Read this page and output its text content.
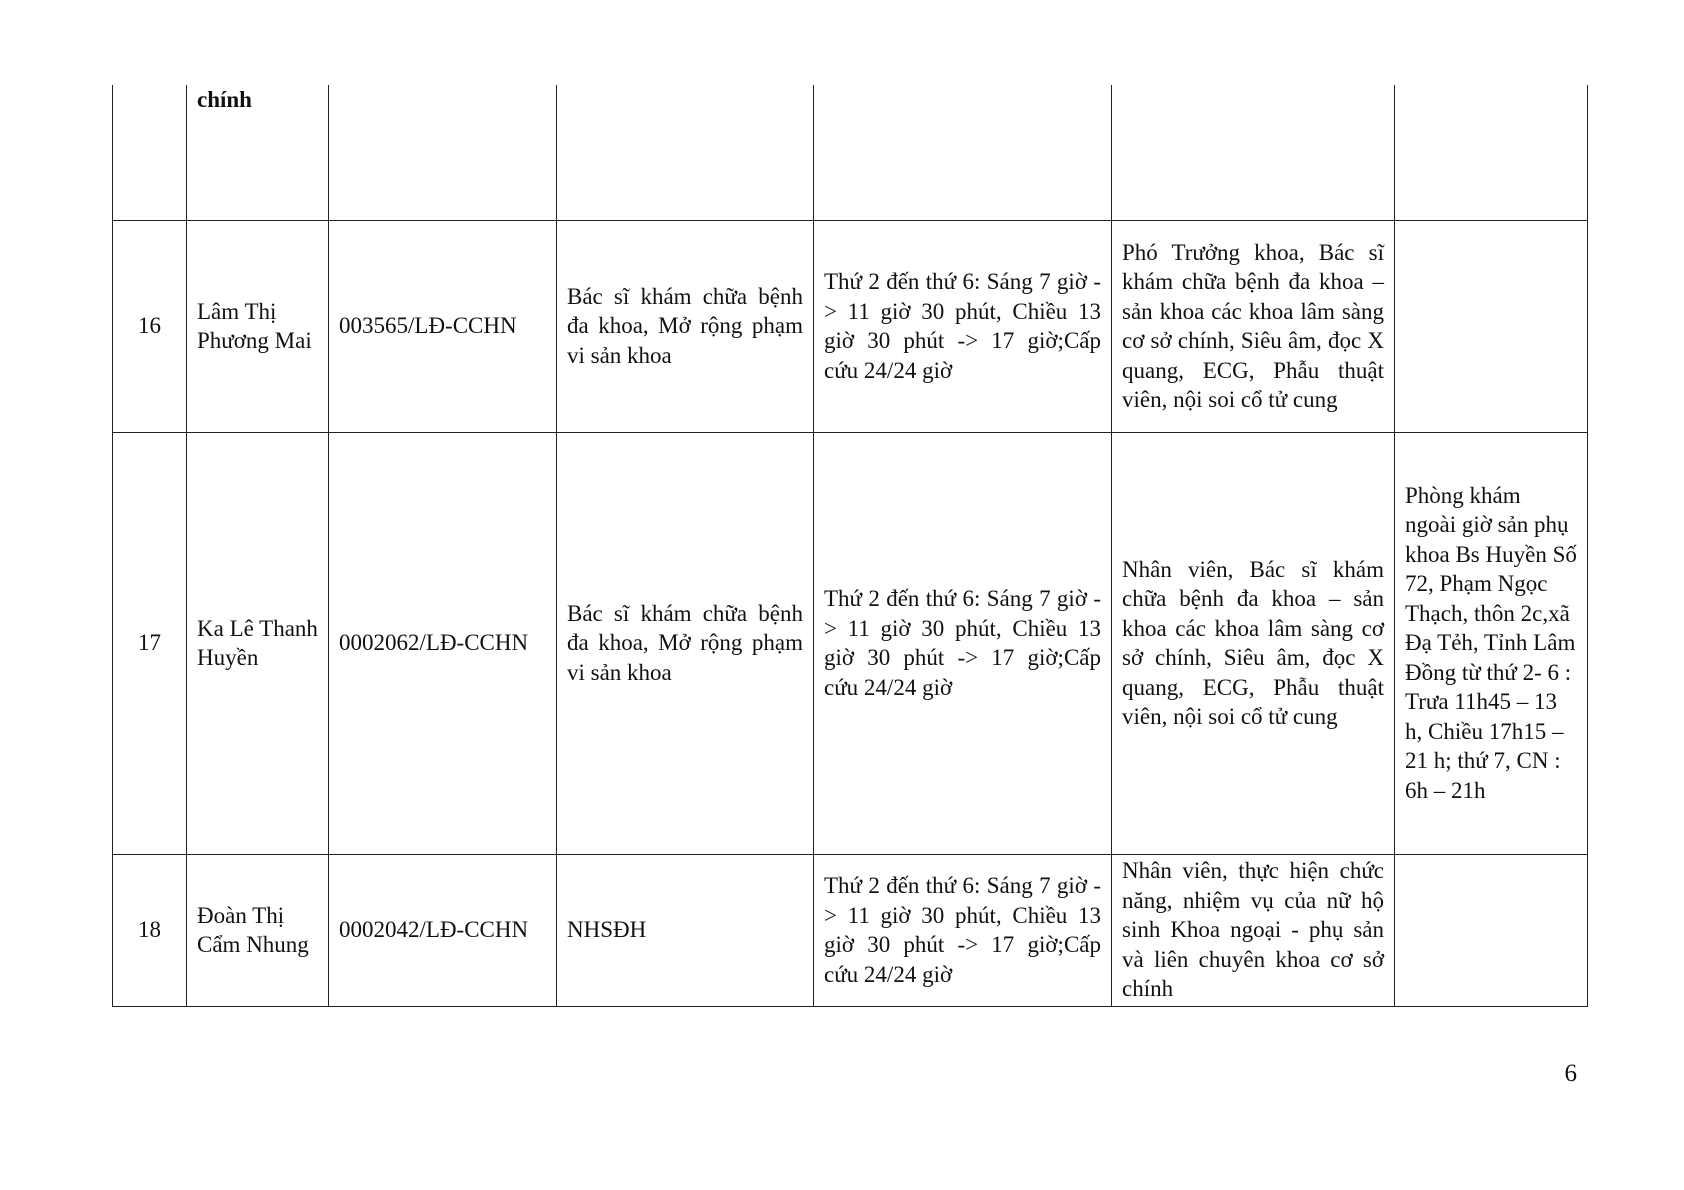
	chính					
16	Lâm Thị Phương Mai	003565/LĐ-CCHN	Bác sĩ khám chữa bệnh đa khoa, Mở rộng phạm vi sản khoa	Thứ 2 đến thứ 6: Sáng 7 giờ -> 11 giờ 30 phút, Chiều 13 giờ 30 phút -> 17 giờ;Cấp cứu 24/24 giờ	Phó Trưởng khoa, Bác sĩ khám chữa bệnh đa khoa – sản khoa các khoa lâm sàng cơ sở chính, Siêu âm, đọc X quang, ECG, Phẫu thuật viên, nội soi cổ tử cung	
17	Ka Lê Thanh Huyền	0002062/LĐ-CCHN	Bác sĩ khám chữa bệnh đa khoa, Mở rộng phạm vi sản khoa	Thứ 2 đến thứ 6: Sáng 7 giờ -> 11 giờ 30 phút, Chiều 13 giờ 30 phút -> 17 giờ;Cấp cứu 24/24 giờ	Nhân viên, Bác sĩ khám chữa bệnh đa khoa – sản khoa các khoa lâm sàng cơ sở chính, Siêu âm, đọc X quang, ECG, Phẫu thuật viên, nội soi cổ tử cung	Phòng khám ngoài giờ sản phụ khoa Bs Huyền Số 72, Phạm Ngọc Thạch, thôn 2c,xã Đạ Tẻh, Tỉnh Lâm Đồng từ thứ 2- 6 : Trưa 11h45 – 13 h, Chiều 17h15 – 21 h; thứ 7, CN : 6h – 21h
18	Đoàn Thị Cẩm Nhung	0002042/LĐ-CCHN	NHSĐH	Thứ 2 đến thứ 6: Sáng 7 giờ -> 11 giờ 30 phút, Chiều 13 giờ 30 phút -> 17 giờ;Cấp cứu 24/24 giờ	Nhân viên, thực hiện chức năng, nhiệm vụ của nữ hộ sinh Khoa ngoại - phụ sản và liên chuyên khoa cơ sở chính	
6
